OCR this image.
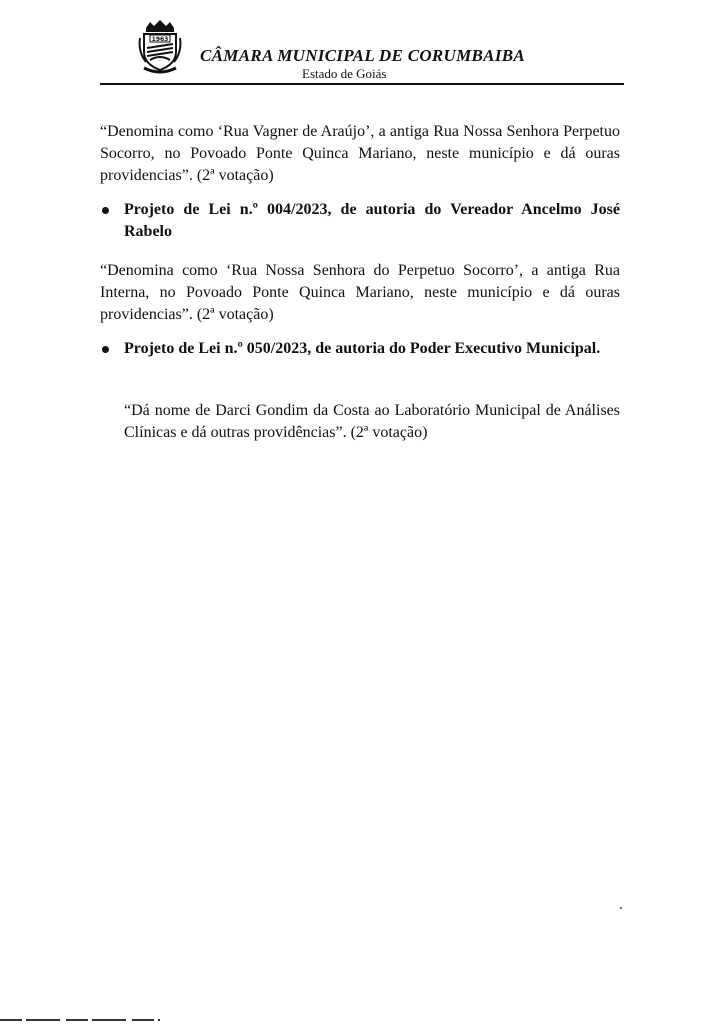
1963
CÂMARA MUNICIPAL DE CORUMBAIBA
Estado de Goiás
“Denomina como ‘Rua Vagner de Araújo’, a antiga Rua Nossa Senhora Perpetuo Socorro, no Povoado Ponte Quinca Mariano, neste município e dá ouras providencias”. (2ª votação)
Projeto de Lei n.º 004/2023, de autoria do Vereador Ancelmo José Rabelo
“Denomina como ‘Rua Nossa Senhora do Perpetuo Socorro’, a antiga Rua Interna, no Povoado Ponte Quinca Mariano, neste município e dá ouras providencias”. (2ª votação)
Projeto de Lei n.º 050/2023, de autoria do Poder Executivo Municipal.
“Dá nome de Darci Gondim da Costa ao Laboratório Municipal de Análises Clínicas e dá outras providências”. (2ª votação)
